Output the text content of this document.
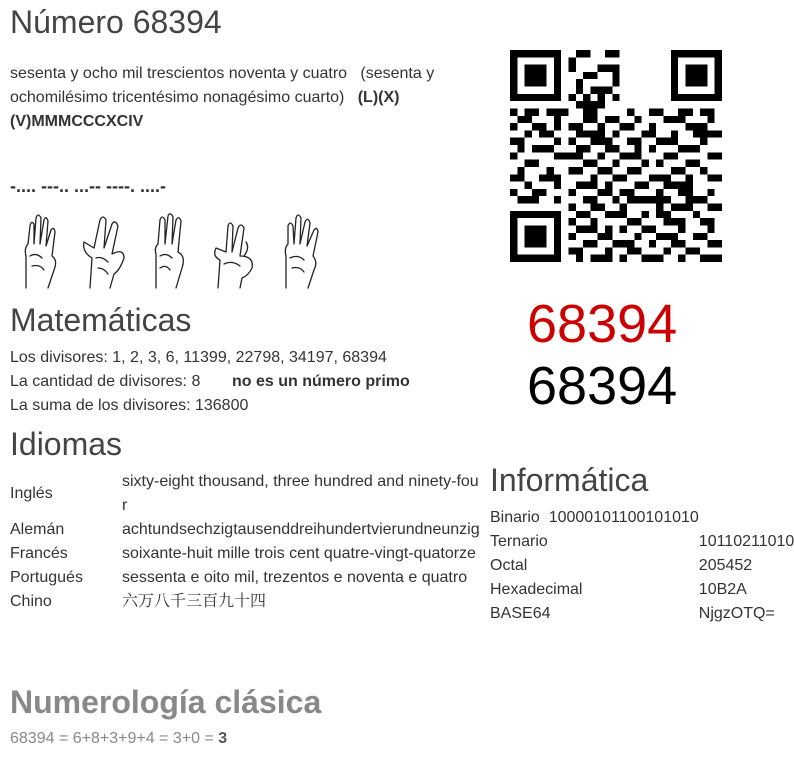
Número 68394
sesenta y ocho mil trescientos noventa y cuatro (sesenta y ochomilésimo tricentésimo nonagésimo cuarto) (L)(X)(V)MMMCCCXCIV
-.... ---.. ...-- ----. ....-
Matemáticas
Los divisores: 1, 2, 3, 6, 11399, 22798, 34197, 68394
La cantidad de divisores: 8 no es un número primo
La suma de los divisores: 136800
68394
68394
Idiomas
Inglés	sixty-eight thousand, three hundred and ninety-four
Alemán	achtundsechzigtausenddreihundertvierundneunzig
Francés	soixante-huit mille trois cent quatre-vingt-quatorze
Portugués	sessenta e oito mil, trezentos e noventa e quatro
Chino	六万八千三百九十四
Informática
Binario 10000101100101010	
Ternario	10110211010
Octal	205452
Hexadecimal	10B2A
BASE64	NjgzOTQ=
Numerología clásica
68394 = 6+8+3+9+4 = 3+0 = 3
